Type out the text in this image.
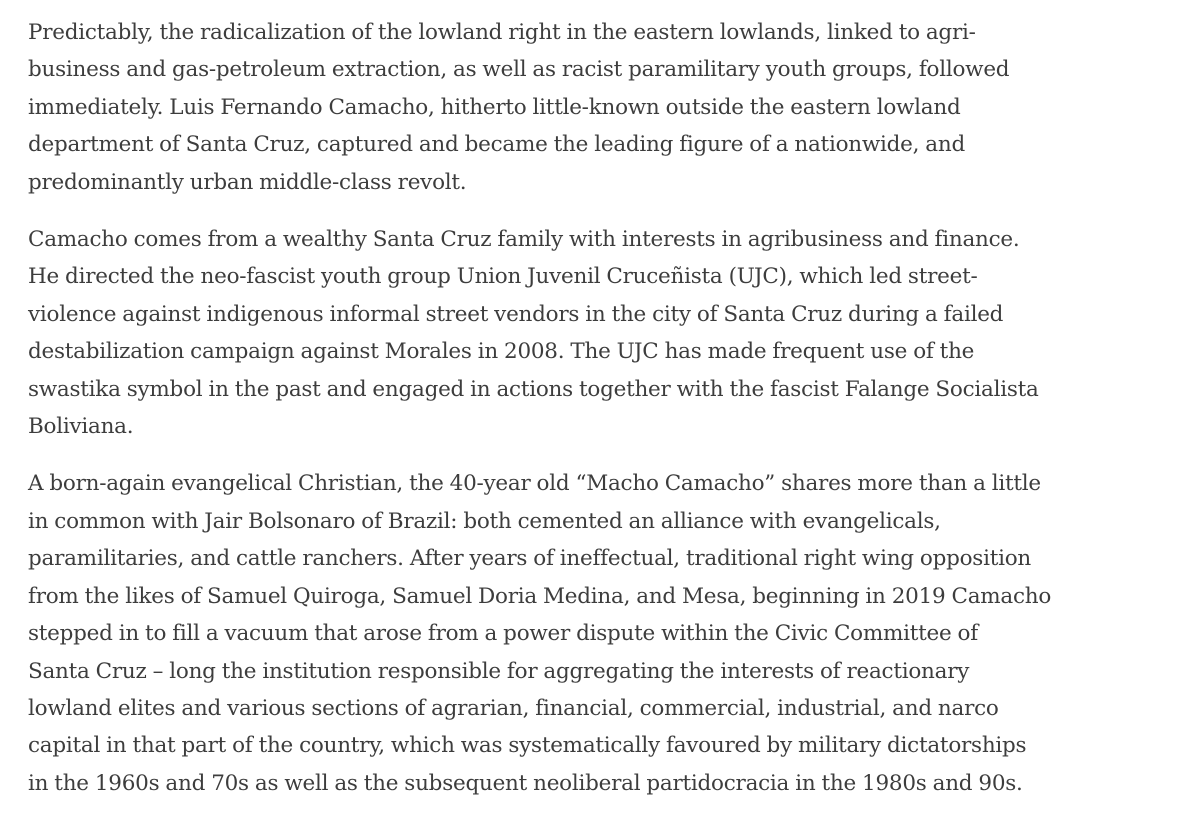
Predictably, the radicalization of the lowland right in the eastern lowlands, linked to agri-
business and gas-petroleum extraction, as well as racist paramilitary youth groups, followed
immediately. Luis Fernando Camacho, hitherto little-known outside the eastern lowland
department of Santa Cruz, captured and became the leading figure of a nationwide, and
predominantly urban middle-class revolt.

Camacho comes from a wealthy Santa Cruz family with interests in agribusiness and finance.
He directed the neo-fascist youth group Union Juvenil Cruceñista (UJC), which led street-
violence against indigenous informal street vendors in the city of Santa Cruz during a failed
destabilization campaign against Morales in 2008. The UJC has made frequent use of the
swastika symbol in the past and engaged in actions together with the fascist Falange Socialista
Boliviana.

A born-again evangelical Christian, the 40-year old “Macho Camacho” shares more than a little
in common with Jair Bolsonaro of Brazil: both cemented an alliance with evangelicals,
paramilitaries, and cattle ranchers. After years of ineffectual, traditional right wing opposition
from the likes of Samuel Quiroga, Samuel Doria Medina, and Mesa, beginning in 2019 Camacho
stepped in to fill a vacuum that arose from a power dispute within the Civic Committee of
Santa Cruz – long the institution responsible for aggregating the interests of reactionary
lowland elites and various sections of agrarian, financial, commercial, industrial, and narco
capital in that part of the country, which was systematically favoured by military dictatorships
in the 1960s and 70s as well as the subsequent neoliberal partidocracia in the 1980s and 90s.
